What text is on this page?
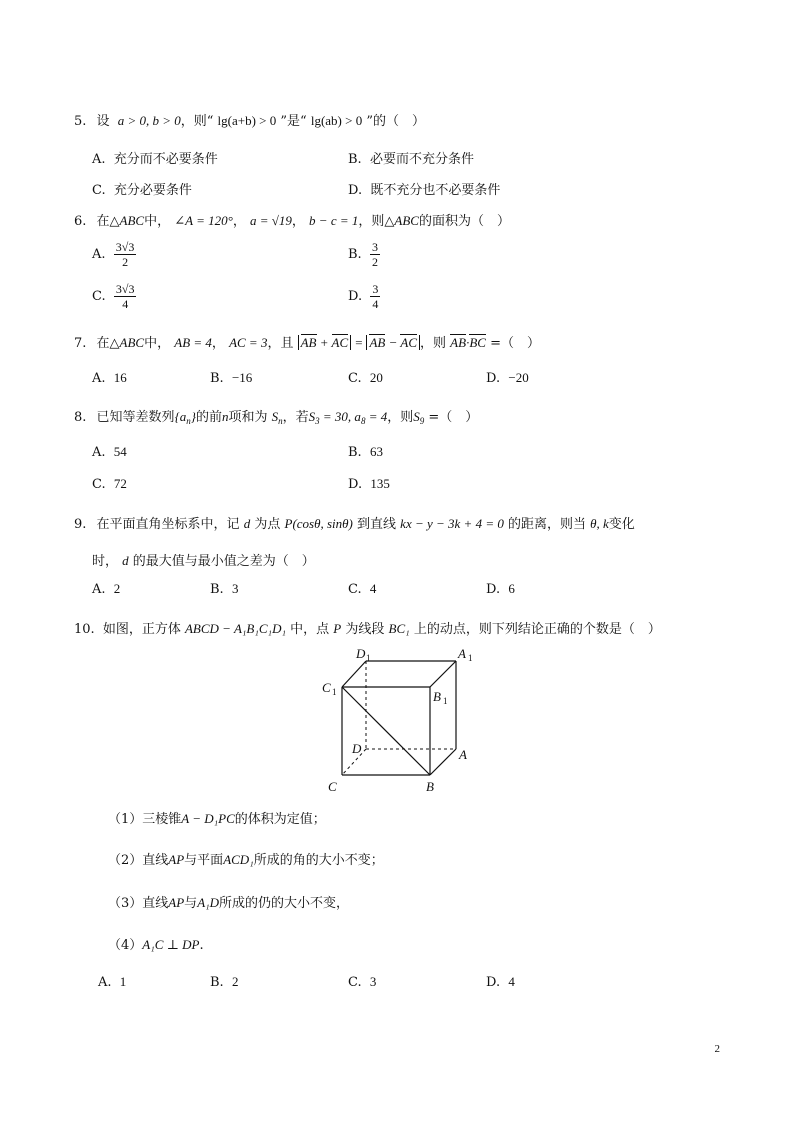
5. 设 a > 0, b > 0，则“ lg(a+b) > 0 ”是“ lg(ab) > 0 ”的（　）
A. 充分而不必要条件	B. 必要而不充分条件
C. 充分必要条件	D. 既不充分也不必要条件
6. 在△ABC中， ∠A = 120°， a = √19， b − c = 1，则△ABC的面积为（　）
A. $\frac{3√3}{2}$	B. $\frac{3}{2}$
C. $\frac{3√3}{4}$	D. $\frac{3}{4}$
7. 在△ABC中， AB = 4， AC = 3，且 AB + AC = AB − AC ，则 AB·BC =（　）
A. 16	B. −16	C. 20	D. −20
8. 已知等差数列$\{a_n\}$的前n项和为 $S_n$，若$S_3 = 30$, $a_8 = 4$，则$S_9$ =（　）
A. 54	B. 63
C. 72	D. 135
9. 在平面直角坐标系中，记 d 为点 P(cosθ, sinθ) 到直线 kx − y − 3k + 4 = 0 的距离，则当 θ, k变化
时， d 的最大值与最小值之差为（　）
A. 2	B. 3	C. 4	D. 6
10. 如图，正方体 ABCD − A₁B₁C₁D₁ 中，点 P 为线段 BC₁ 上的动点，则下列结论正确的个数是（　）
D 1	A 1
C 1	B 1
D	A
C	B
（1）三棱锥A − D₁PC的体积为定值；
（2）直线AP与平面ACD₁所成的角的大小不变；
（3）直线AP与A₁D所成的仍的大小不变，
（4）A₁C ⊥ DP.
A. 1	B. 2	C. 3	D. 4
2
